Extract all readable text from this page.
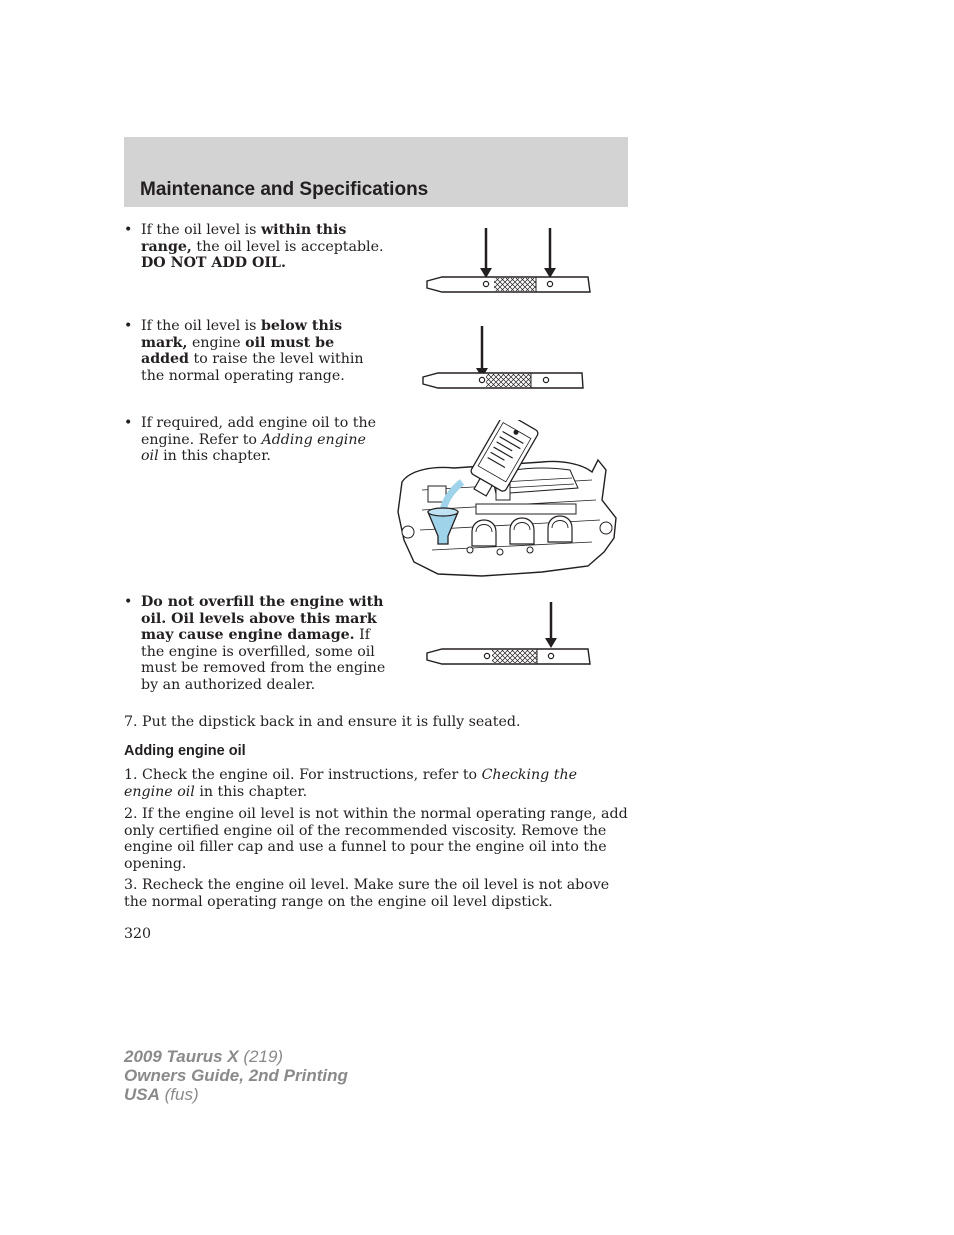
Maintenance and Specifications
• If the oil level is within this range, the oil level is acceptable. DO NOT ADD OIL.
• If the oil level is below this mark, engine oil must be added to raise the level within the normal operating range.
• If required, add engine oil to the engine. Refer to Adding engine oil in this chapter.
• Do not overfill the engine with oil. Oil levels above this mark may cause engine damage. If the engine is overfilled, some oil must be removed from the engine by an authorized dealer.

7. Put the dipstick back in and ensure it is fully seated.

Adding engine oil

1. Check the engine oil. For instructions, refer to Checking the engine oil in this chapter.

2. If the engine oil level is not within the normal operating range, add only certified engine oil of the recommended viscosity. Remove the engine oil filler cap and use a funnel to pour the engine oil into the opening.

3. Recheck the engine oil level. Make sure the oil level is not above the normal operating range on the engine oil level dipstick.

320
2009 Taurus X (219)
Owners Guide, 2nd Printing
USA (fus)
